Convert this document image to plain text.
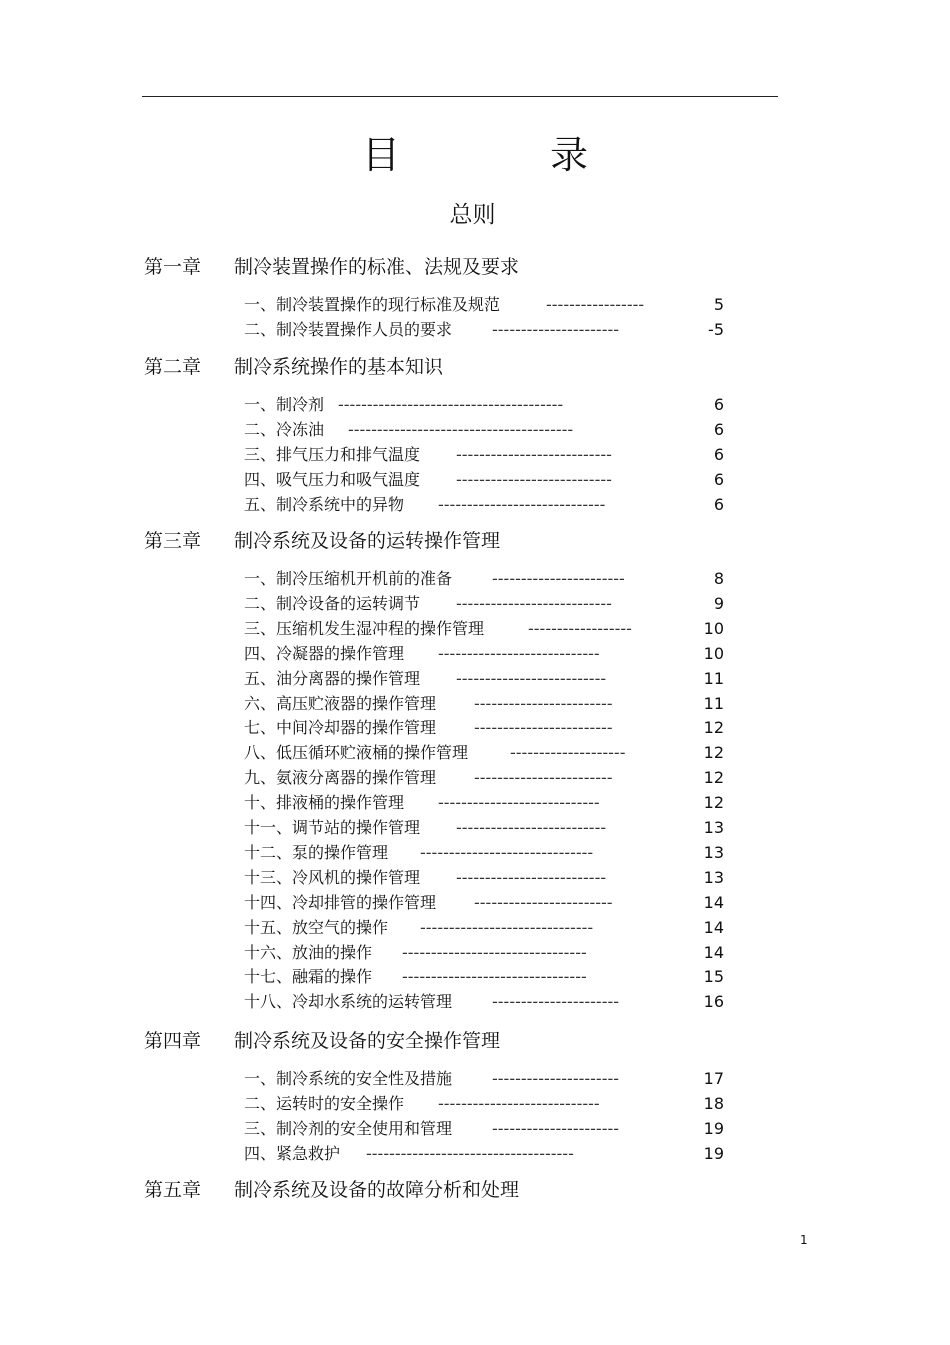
目	录
总则
第一章 制冷装置操作的标准、法规及要求
一、制冷装置操作的现行标准及规范	-----------------	5
二、制冷装置操作人员的要求 ----------------------	-5
第二章 制冷系统操作的基本知识
一、制冷剂 ---------------------------------------	6
二、冷冻油 ---------------------------------------	6
三、排气压力和排气温度 ---------------------------	6
四、吸气压力和吸气温度 ---------------------------	6
五、制冷系统中的异物 -----------------------------	6
第三章 制冷系统及设备的运转操作管理
一、制冷压缩机开机前的准备 -----------------------	8
二、制冷设备的运转调节 ---------------------------	9
三、压缩机发生湿冲程的操作管理	------------------	10
四、冷凝器的操作管理 ----------------------------	10
五、油分离器的操作管理 --------------------------	11
六、高压贮液器的操作管理 ------------------------	11
七、中间冷却器的操作管理 ------------------------	12
八、低压循环贮液桶的操作管理	--------------------	12
九、氨液分离器的操作管理 ------------------------	12
十、排液桶的操作管理 ----------------------------	12
十一、调节站的操作管理 --------------------------	13
十二、泵的操作管理 ------------------------------	13
十三、冷风机的操作管理 --------------------------	13
十四、冷却排管的操作管理 ------------------------	14
十五、放空气的操作 ------------------------------	14
十六、放油的操作 --------------------------------	14
十七、融霜的操作 --------------------------------	15
十八、冷却水系统的运转管理 ----------------------	16
第四章 制冷系统及设备的安全操作管理
一、制冷系统的安全性及措施 ----------------------	17
二、运转时的安全操作 ----------------------------	18
三、制冷剂的安全使用和管理 ----------------------	19
四、紧急救护 ------------------------------------	19
第五章 制冷系统及设备的故障分析和处理
1
